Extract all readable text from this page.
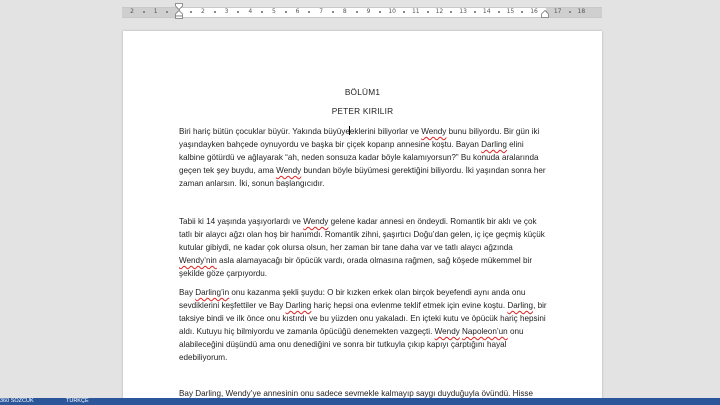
2	1	2	3	4	5	6	7	8	9	10	11	12	13	14	15	16	17	18
BÖLÜM1
PETER KIRILIR
Biri hariç bütün çocuklar büyür. Yakında büyüyeeklerini biliyorlar ve Wendy bunu biliyordu. Bir gün iki yaşındayken bahçede oynuyordu ve başka bir çiçek koparıp annesine koştu. Bayan Darling elini kalbine götürdü ve ağlayarak “ah, neden sonsuza kadar böyle kalamıyorsun?” Bu konuda aralarında geçen tek şey buydu, ama Wendy bundan böyle büyümesi gerektiğini biliyordu. İki yaşından sonra her zaman anlarsın. İki, sonun başlangıcıdır.
Tabii ki 14 yaşında yaşıyorlardı ve Wendy gelene kadar annesi en öndeydi. Romantik bir aklı ve çok tatlı bir alaycı ağzı olan hoş bir hanımdı. Romantik zihni, şaşırtıcı Doğu’dan gelen, iç içe geçmiş küçük kutular gibiydi, ne kadar çok olursa olsun, her zaman bir tane daha var ve tatlı alaycı ağzında Wendy’nin asla alamayacağı bir öpücük vardı, orada olmasına rağmen, sağ köşede mükemmel bir şekilde göze çarpıyordu.
Bay Darling’in onu kazanma şekli şuydu: O bir kızken erkek olan birçok beyefendi aynı anda onu sevdiklerini keşfettiler ve Bay Darling hariç hepsi ona evlenme teklif etmek için evine koştu. Darling, bir taksiye bindi ve ilk önce onu kıstırdı ve bu yüzden onu yakaladı. En içteki kutu ve öpücük hariç hepsini aldı. Kutuyu hiç bilmiyordu ve zamanla öpücüğü denemekten vazgeçti. Wendy Napoleon’un onu alabileceğini düşündü ama onu denediğini ve sonra bir tutkuyla çıkıp kapıyı çarptığını hayal edebiliyorum.
Bay Darling, Wendy’ye annesinin onu sadece sevmekle kalmayıp saygı duyduğuyla övündü. Hisse
360 SÖZCÜK	TÜRKÇE
